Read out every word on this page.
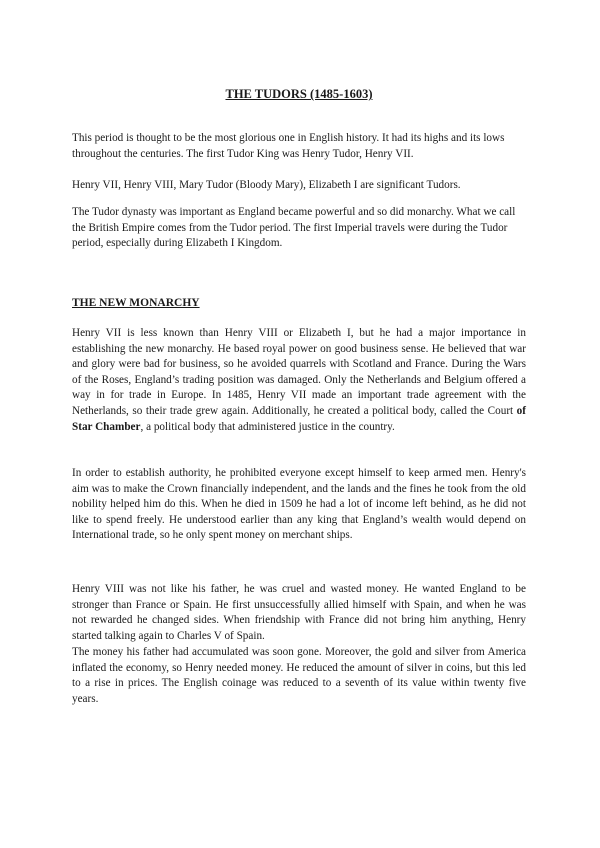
THE TUDORS (1485-1603)

This period is thought to be the most glorious one in English history. It had its highs and its lows throughout the centuries. The first Tudor King was Henry Tudor, Henry VII.

Henry VII, Henry VIII, Mary Tudor (Bloody Mary), Elizabeth I are significant Tudors.

The Tudor dynasty was important as England became powerful and so did monarchy. What we call the British Empire comes from the Tudor period. The first Imperial travels were during the Tudor period, especially during Elizabeth I Kingdom.

THE NEW MONARCHY

Henry VII is less known than Henry VIII or Elizabeth I, but he had a major importance in establishing the new monarchy. He based royal power on good business sense. He believed that war and glory were bad for business, so he avoided quarrels with Scotland and France. During the Wars of the Roses, England’s trading position was damaged. Only the Netherlands and Belgium offered a way in for trade in Europe. In 1485, Henry VII made an important trade agreement with the Netherlands, so their trade grew again. Additionally, he created a political body, called the Court of Star Chamber, a political body that administered justice in the country.

In order to establish authority, he prohibited everyone except himself to keep armed men. Henry's aim was to make the Crown financially independent, and the lands and the fines he took from the old nobility helped him do this. When he died in 1509 he had a lot of income left behind, as he did not like to spend freely. He understood earlier than any king that England’s wealth would depend on International trade, so he only spent money on merchant ships.

Henry VIII was not like his father, he was cruel and wasted money. He wanted England to be stronger than France or Spain. He first unsuccessfully allied himself with Spain, and when he was not rewarded he changed sides. When friendship with France did not bring him anything, Henry started talking again to Charles V of Spain.

The money his father had accumulated was soon gone. Moreover, the gold and silver from America inflated the economy, so Henry needed money. He reduced the amount of silver in coins, but this led to a rise in prices. The English coinage was reduced to a seventh of its value within twenty five years.
